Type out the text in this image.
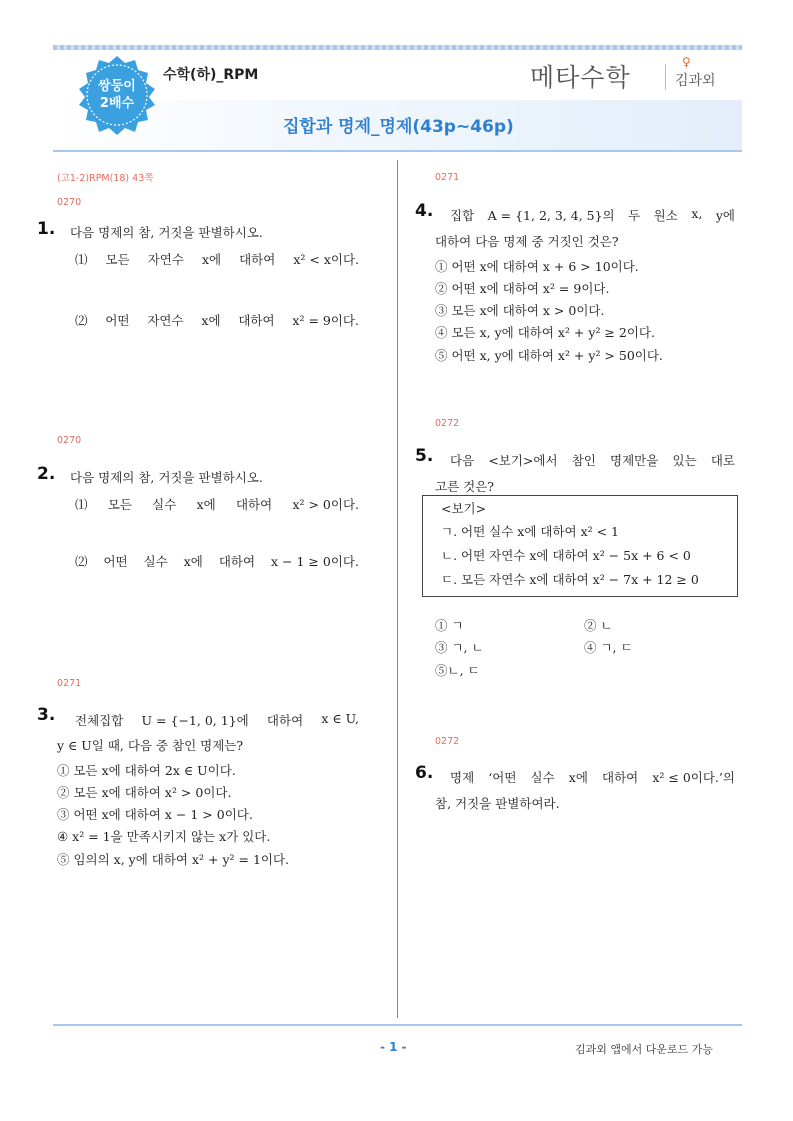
쌍둥이
2배수
수학(하)_RPM
집합과 명제_명제(43p~46p)
메타수학
♀
김과외
(고1-2)RPM(18) 43쪽
0270
1. 다음 명제의 참, 거짓을 판별하시오.
⑴ 모든 자연수 x에 대하여 x² < x이다.
⑵ 어떤 자연수 x에 대하여 x² = 9이다.
0270
2. 다음 명제의 참, 거짓을 판별하시오.
⑴ 모든 실수 x에 대하여 x² > 0이다.
⑵ 어떤 실수 x에 대하여 x − 1 ≥ 0이다.
0271
3. 전체집합 U = {−1, 0, 1}에 대하여 x ∈ U,
y ∈ U일 때, 다음 중 참인 명제는?
① 모든 x에 대하여 2x ∈ U이다.
② 모든 x에 대하여 x² > 0이다.
③ 어떤 x에 대하여 x − 1 > 0이다.
④ x² = 1을 만족시키지 않는 x가 있다.
⑤ 임의의 x, y에 대하여 x² + y² = 1이다.
0271
4. 집합 A = {1, 2, 3, 4, 5}의 두 원소 x, y에
대하여 다음 명제 중 거짓인 것은?
① 어떤 x에 대하여 x + 6 > 10이다.
② 어떤 x에 대하여 x² = 9이다.
③ 모든 x에 대하여 x > 0이다.
④ 모든 x, y에 대하여 x² + y² ≥ 2이다.
⑤ 어떤 x, y에 대하여 x² + y² > 50이다.
0272
5. 다음 <보기>에서 참인 명제만을 있는 대로
고른 것은?
<보기>
ㄱ. 어떤 실수 x에 대하여 x² < 1
ㄴ. 어떤 자연수 x에 대하여 x² − 5x + 6 < 0
ㄷ. 모든 자연수 x에 대하여 x² − 7x + 12 ≥ 0
① ㄱ	② ㄴ
③ ㄱ, ㄴ	④ ㄱ, ㄷ
⑤ㄴ, ㄷ
0272
6. 명제 ‘어떤 실수 x에 대하여 x² ≤ 0이다.’의
참, 거짓을 판별하여라.
- 1 -	김과외 앱에서 다운로드 가능
